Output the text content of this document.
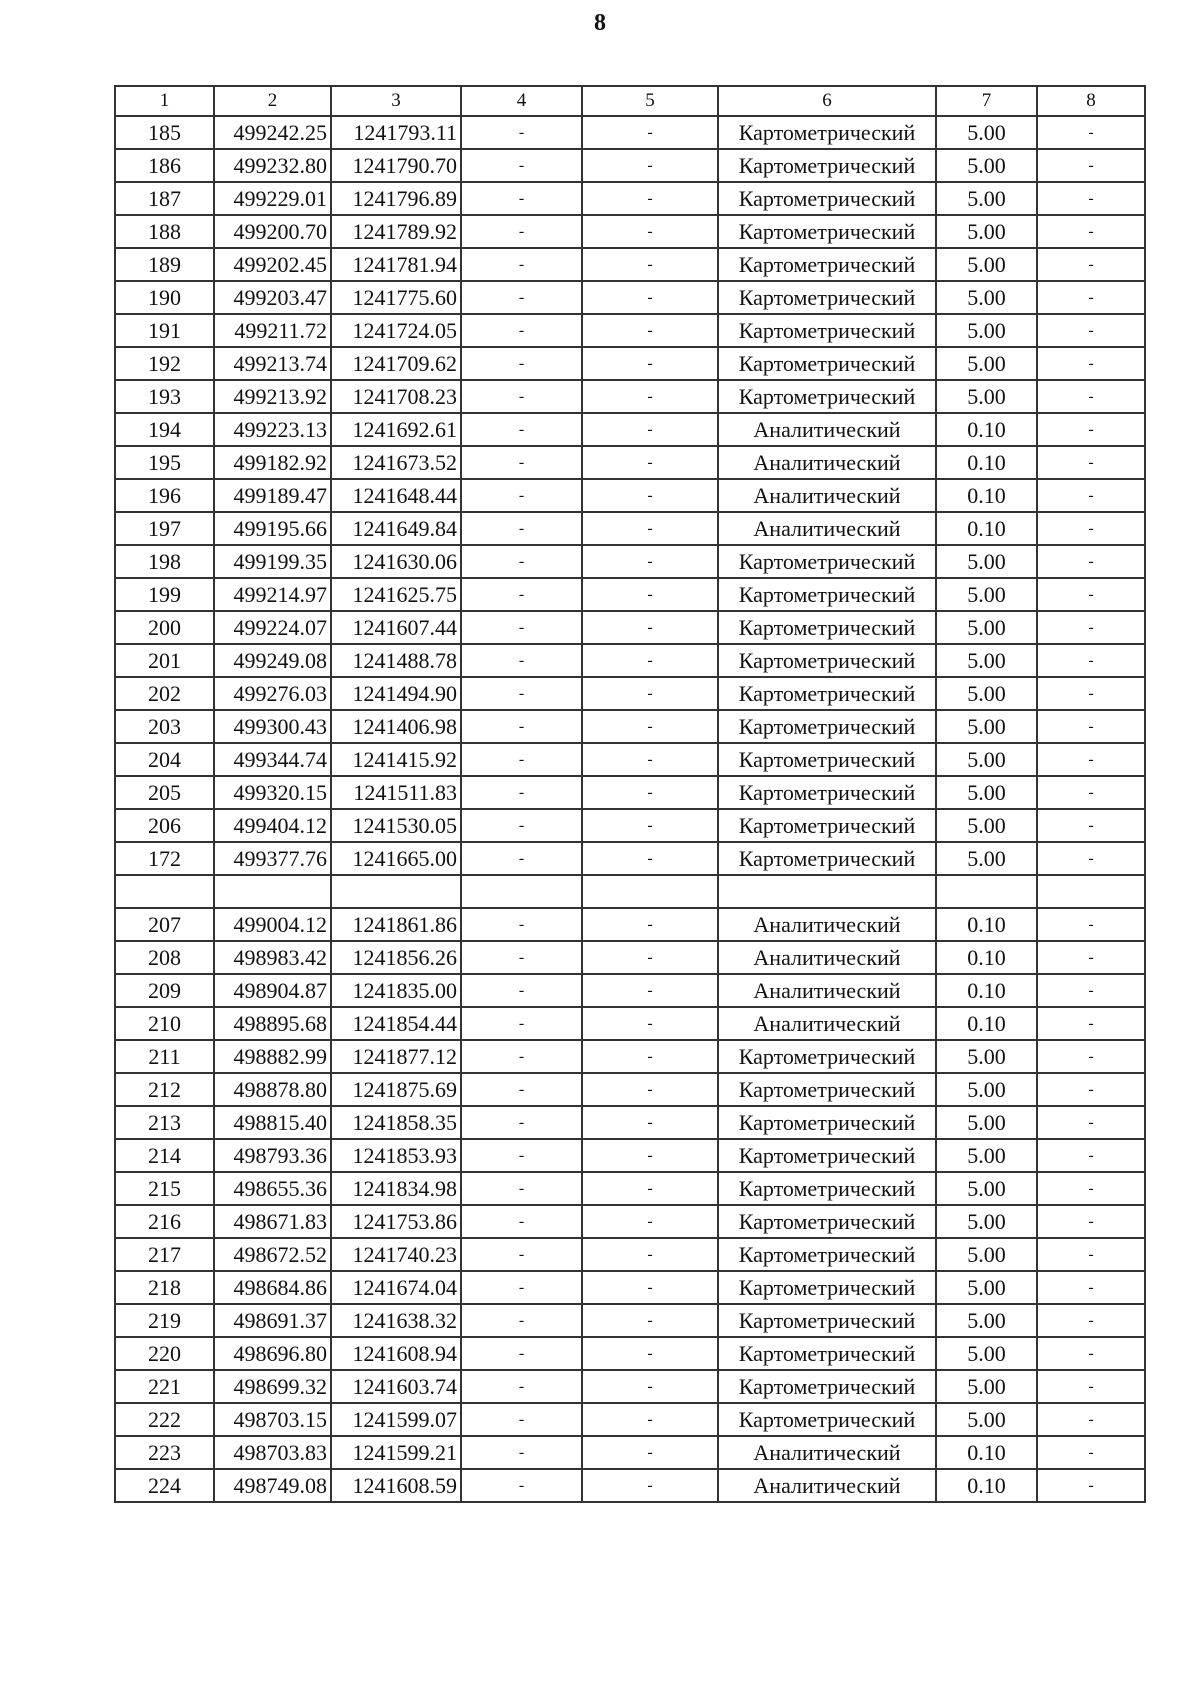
8
1	2	3	4	5	6	7	8
185	499242.25	1241793.11	-	-	Картометрический	5.00	-
186	499232.80	1241790.70	-	-	Картометрический	5.00	-
187	499229.01	1241796.89	-	-	Картометрический	5.00	-
188	499200.70	1241789.92	-	-	Картометрический	5.00	-
189	499202.45	1241781.94	-	-	Картометрический	5.00	-
190	499203.47	1241775.60	-	-	Картометрический	5.00	-
191	499211.72	1241724.05	-	-	Картометрический	5.00	-
192	499213.74	1241709.62	-	-	Картометрический	5.00	-
193	499213.92	1241708.23	-	-	Картометрический	5.00	-
194	499223.13	1241692.61	-	-	Аналитический	0.10	-
195	499182.92	1241673.52	-	-	Аналитический	0.10	-
196	499189.47	1241648.44	-	-	Аналитический	0.10	-
197	499195.66	1241649.84	-	-	Аналитический	0.10	-
198	499199.35	1241630.06	-	-	Картометрический	5.00	-
199	499214.97	1241625.75	-	-	Картометрический	5.00	-
200	499224.07	1241607.44	-	-	Картометрический	5.00	-
201	499249.08	1241488.78	-	-	Картометрический	5.00	-
202	499276.03	1241494.90	-	-	Картометрический	5.00	-
203	499300.43	1241406.98	-	-	Картометрический	5.00	-
204	499344.74	1241415.92	-	-	Картометрический	5.00	-
205	499320.15	1241511.83	-	-	Картометрический	5.00	-
206	499404.12	1241530.05	-	-	Картометрический	5.00	-
172	499377.76	1241665.00	-	-	Картометрический	5.00	-

207	499004.12	1241861.86	-	-	Аналитический	0.10	-
208	498983.42	1241856.26	-	-	Аналитический	0.10	-
209	498904.87	1241835.00	-	-	Аналитический	0.10	-
210	498895.68	1241854.44	-	-	Аналитический	0.10	-
211	498882.99	1241877.12	-	-	Картометрический	5.00	-
212	498878.80	1241875.69	-	-	Картометрический	5.00	-
213	498815.40	1241858.35	-	-	Картометрический	5.00	-
214	498793.36	1241853.93	-	-	Картометрический	5.00	-
215	498655.36	1241834.98	-	-	Картометрический	5.00	-
216	498671.83	1241753.86	-	-	Картометрический	5.00	-
217	498672.52	1241740.23	-	-	Картометрический	5.00	-
218	498684.86	1241674.04	-	-	Картометрический	5.00	-
219	498691.37	1241638.32	-	-	Картометрический	5.00	-
220	498696.80	1241608.94	-	-	Картометрический	5.00	-
221	498699.32	1241603.74	-	-	Картометрический	5.00	-
222	498703.15	1241599.07	-	-	Картометрический	5.00	-
223	498703.83	1241599.21	-	-	Аналитический	0.10	-
224	498749.08	1241608.59	-	-	Аналитический	0.10	-
